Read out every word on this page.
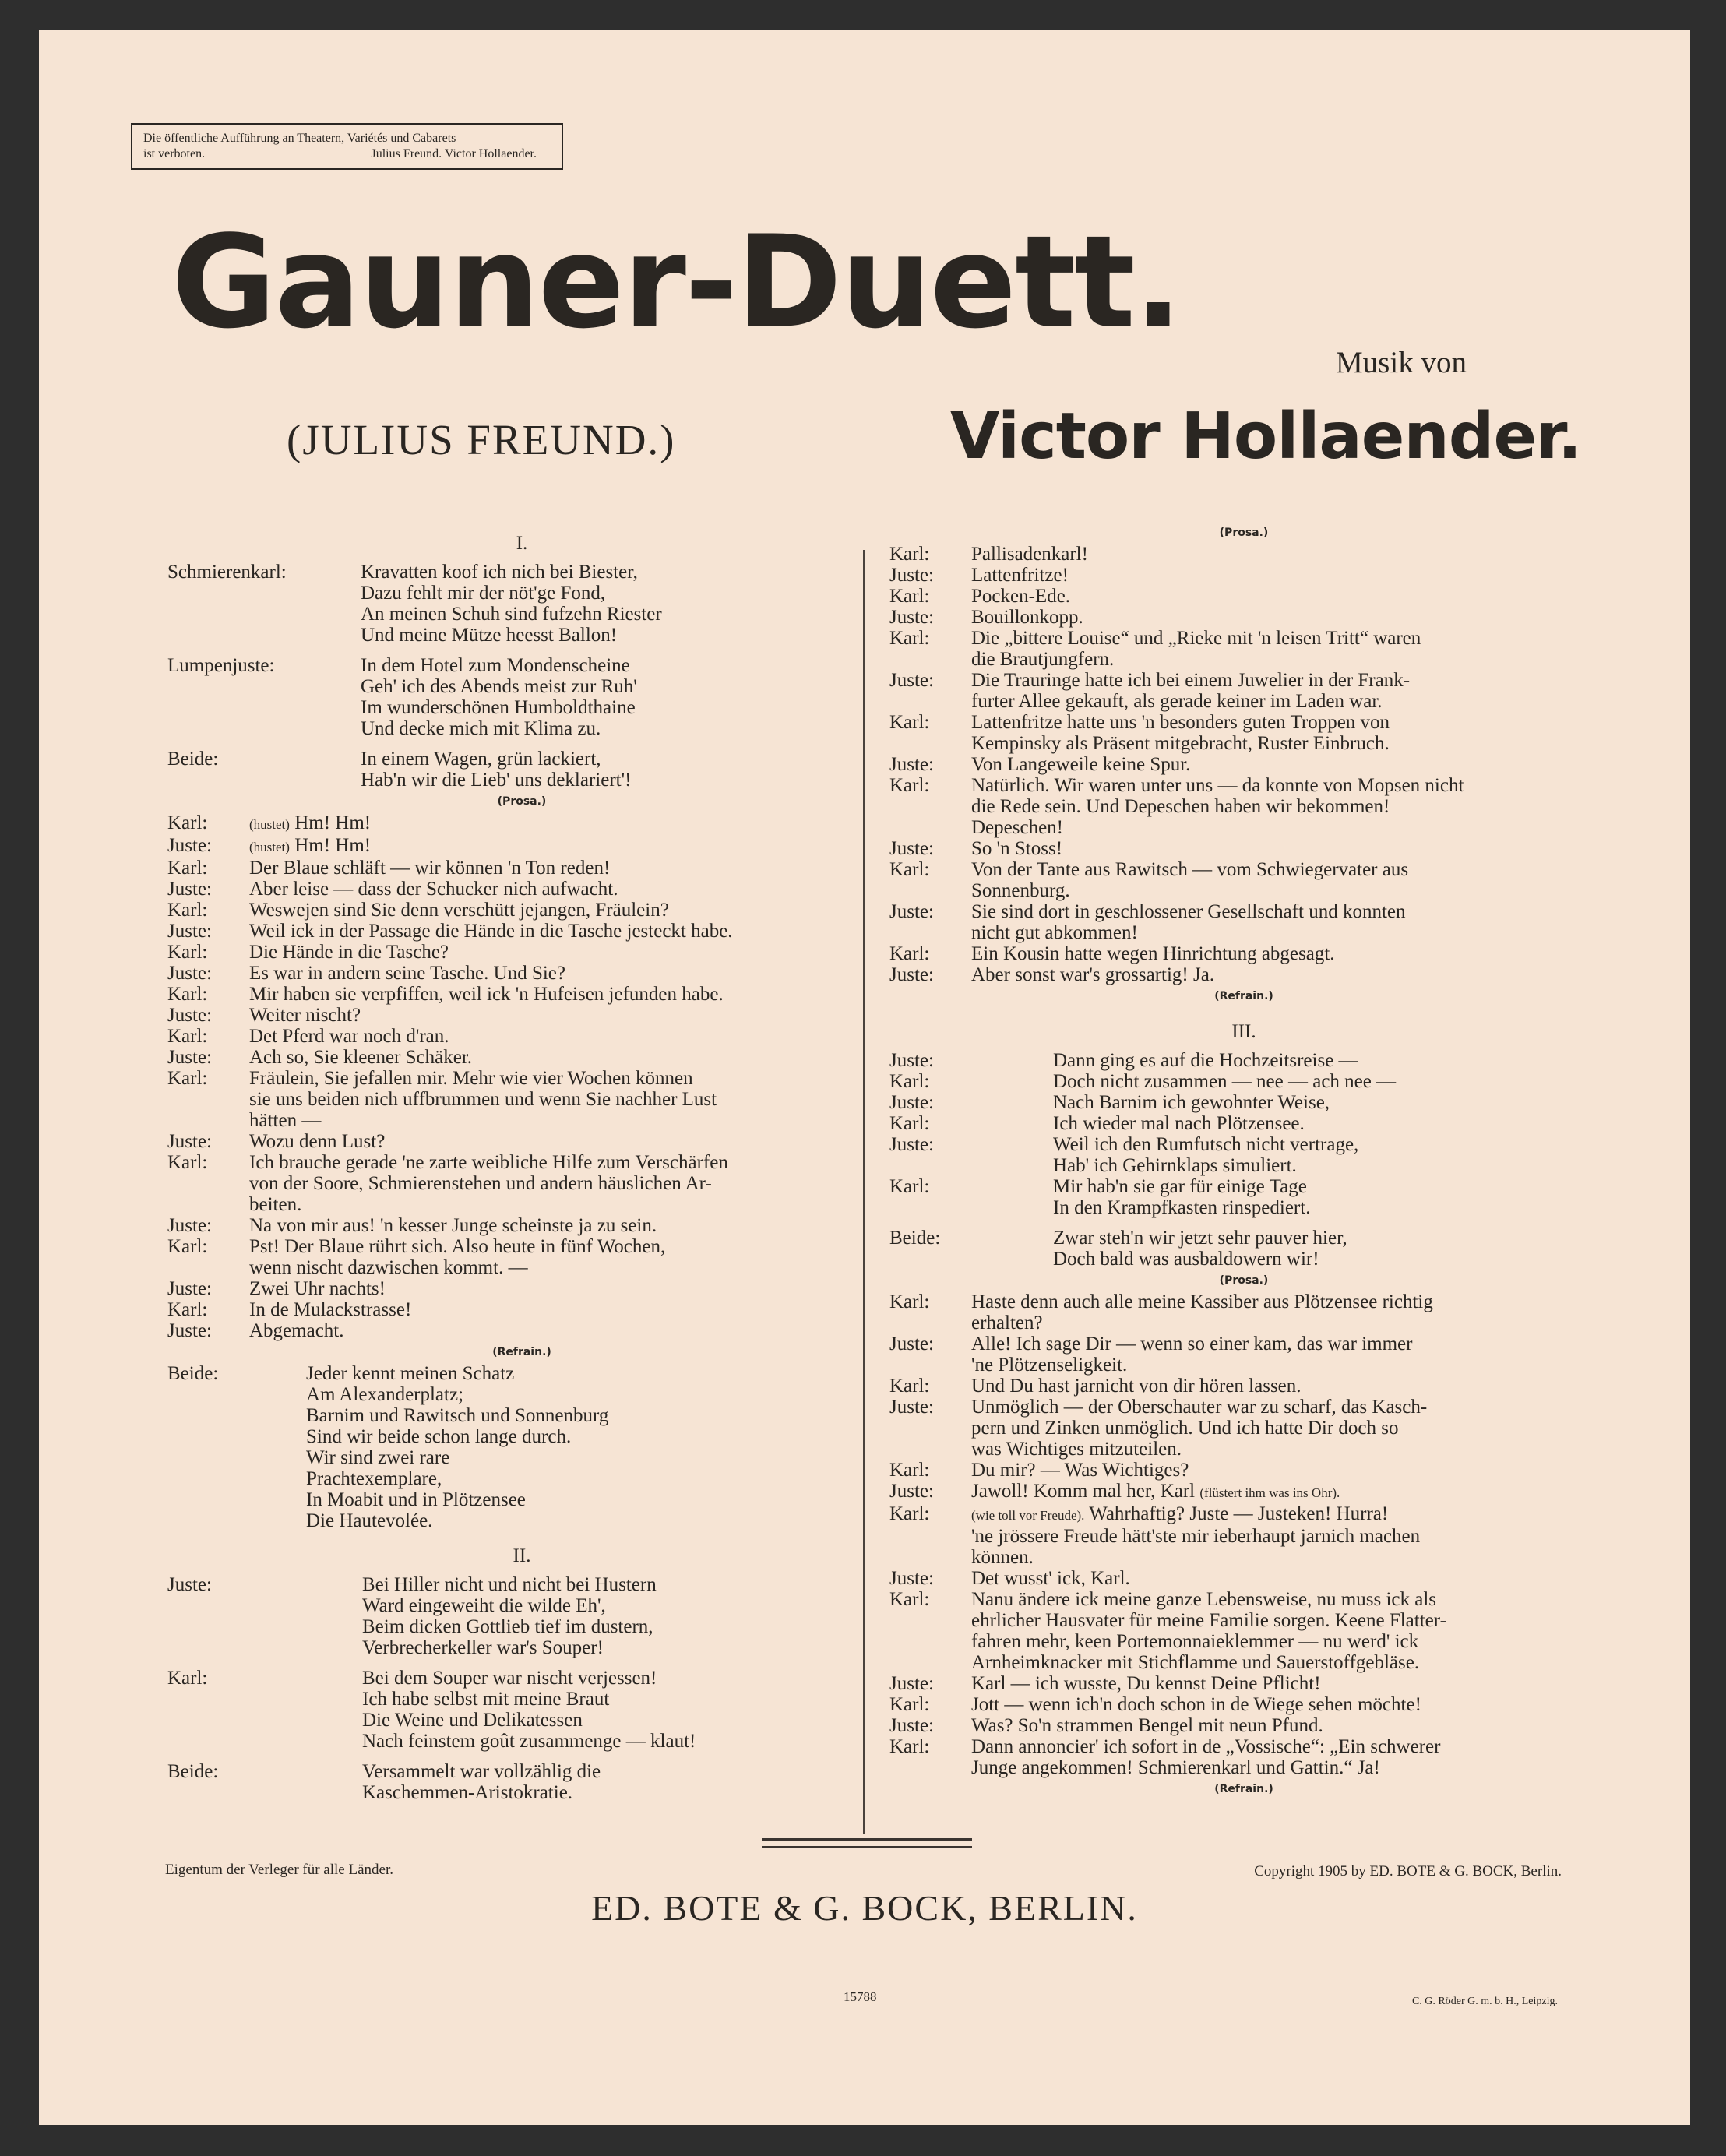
Die öffentliche Aufführung an Theatern, Variétés und Cabarets
ist verboten.	Julius Freund. Victor Hollaender.
Gauner-Duett.
Musik von
(JULIUS FREUND.)	Victor Hollaender.
I.
Schmierenkarl:	Kravatten koof ich nich bei Biester,
Dazu fehlt mir der nöt'ge Fond,
An meinen Schuh sind fufzehn Riester
Und meine Mütze heesst Ballon!
Lumpenjuste:	In dem Hotel zum Mondenscheine
Geh' ich des Abends meist zur Ruh'
Im wunderschönen Humboldthaine
Und decke mich mit Klima zu.
Beide:	In einem Wagen, grün lackiert,
Hab'n wir die Lieb' uns deklariert'!
(Prosa.)
Karl:	(hustet) Hm! Hm!
Juste:	(hustet) Hm! Hm!
Karl:	Der Blaue schläft — wir können 'n Ton reden!
Juste:	Aber leise — dass der Schucker nich aufwacht.
Karl:	Weswejen sind Sie denn verschütt jejangen, Fräulein?
Juste:	Weil ick in der Passage die Hände in die Tasche jesteckt habe.
Karl:	Die Hände in die Tasche?
Juste:	Es war in andern seine Tasche. Und Sie?
Karl:	Mir haben sie verpfiffen, weil ick 'n Hufeisen jefunden habe.
Juste:	Weiter nischt?
Karl:	Det Pferd war noch d'ran.
Juste:	Ach so, Sie kleener Schäker.
Karl:	Fräulein, Sie jefallen mir. Mehr wie vier Wochen können
sie uns beiden nich uffbrummen und wenn Sie nachher Lust
hätten —
Juste:	Wozu denn Lust?
Karl:	Ich brauche gerade 'ne zarte weibliche Hilfe zum Verschärfen
von der Soore, Schmierenstehen und andern häuslichen Ar-
beiten.
Juste:	Na von mir aus! 'n kesser Junge scheinste ja zu sein.
Karl:	Pst! Der Blaue rührt sich. Also heute in fünf Wochen,
wenn nischt dazwischen kommt. —
Juste:	Zwei Uhr nachts!
Karl:	In de Mulackstrasse!
Juste:	Abgemacht.
(Refrain.)
Beide:	Jeder kennt meinen Schatz
Am Alexanderplatz;
Barnim und Rawitsch und Sonnenburg
Sind wir beide schon lange durch.
Wir sind zwei rare
Prachtexemplare,
In Moabit und in Plötzensee
Die Hautevolée.
II.
Juste:	Bei Hiller nicht und nicht bei Hustern
Ward eingeweiht die wilde Eh',
Beim dicken Gottlieb tief im dustern,
Verbrecherkeller war's Souper!
Karl:	Bei dem Souper war nischt verjessen!
Ich habe selbst mit meine Braut
Die Weine und Delikatessen
Nach feinstem goût zusammenge — klaut!
Beide:	Versammelt war vollzählig die
Kaschemmen-Aristokratie.
(Prosa.)
Karl:	Pallisadenkarl!
Juste:	Lattenfritze!
Karl:	Pocken-Ede.
Juste:	Bouillonkopp.
Karl:	Die „bittere Louise“ und „Rieke mit 'n leisen Tritt“ waren
die Brautjungfern.
Juste:	Die Trauringe hatte ich bei einem Juwelier in der Frank-
furter Allee gekauft, als gerade keiner im Laden war.
Karl:	Lattenfritze hatte uns 'n besonders guten Troppen von
Kempinsky als Präsent mitgebracht, Ruster Einbruch.
Juste:	Von Langeweile keine Spur.
Karl:	Natürlich. Wir waren unter uns — da konnte von Mopsen nicht
die Rede sein. Und Depeschen haben wir bekommen!
Depeschen!
Juste:	So 'n Stoss!
Karl:	Von der Tante aus Rawitsch — vom Schwiegervater aus
Sonnenburg.
Juste:	Sie sind dort in geschlossener Gesellschaft und konnten
nicht gut abkommen!
Karl:	Ein Kousin hatte wegen Hinrichtung abgesagt.
Juste:	Aber sonst war's grossartig! Ja.
(Refrain.)
III.
Juste:	Dann ging es auf die Hochzeitsreise —
Karl:	Doch nicht zusammen — nee — ach nee —
Juste:	Nach Barnim ich gewohnter Weise,
Karl:	Ich wieder mal nach Plötzensee.
Juste:	Weil ich den Rumfutsch nicht vertrage,
Hab' ich Gehirnklaps simuliert.
Karl:	Mir hab'n sie gar für einige Tage
In den Krampfkasten rinspediert.
Beide:	Zwar steh'n wir jetzt sehr pauver hier,
Doch bald was ausbaldowern wir!
(Prosa.)
Karl:	Haste denn auch alle meine Kassiber aus Plötzensee richtig
erhalten?
Juste:	Alle! Ich sage Dir — wenn so einer kam, das war immer
'ne Plötzenseligkeit.
Karl:	Und Du hast jarnicht von dir hören lassen.
Juste:	Unmöglich — der Oberschauter war zu scharf, das Kasch-
pern und Zinken unmöglich. Und ich hatte Dir doch so
was Wichtiges mitzuteilen.
Karl:	Du mir? — Was Wichtiges?
Juste:	Jawoll! Komm mal her, Karl (flüstert ihm was ins Ohr).
Karl:	(wie toll vor Freude). Wahrhaftig? Juste — Justeken! Hurra!
'ne jrössere Freude hätt'ste mir ieberhaupt jarnich machen
können.
Juste:	Det wusst' ick, Karl.
Karl:	Nanu ändere ick meine ganze Lebensweise, nu muss ick als
ehrlicher Hausvater für meine Familie sorgen. Keene Flatter-
fahren mehr, keen Portemonnaieklemmer — nu werd' ick
Arnheimknacker mit Stichflamme und Sauerstoffgebläse.
Juste:	Karl — ich wusste, Du kennst Deine Pflicht!
Karl:	Jott — wenn ich'n doch schon in de Wiege sehen möchte!
Juste:	Was? So'n strammen Bengel mit neun Pfund.
Karl:	Dann annoncier' ich sofort in de „Vossische“: „Ein schwerer
Junge angekommen! Schmierenkarl und Gattin.“ Ja!
(Refrain.)
Eigentum der Verleger für alle Länder.	Copyright 1905 by ED. BOTE & G. BOCK, Berlin.
ED. BOTE & G. BOCK, BERLIN.
15788	C. G. Röder G. m. b. H., Leipzig.
